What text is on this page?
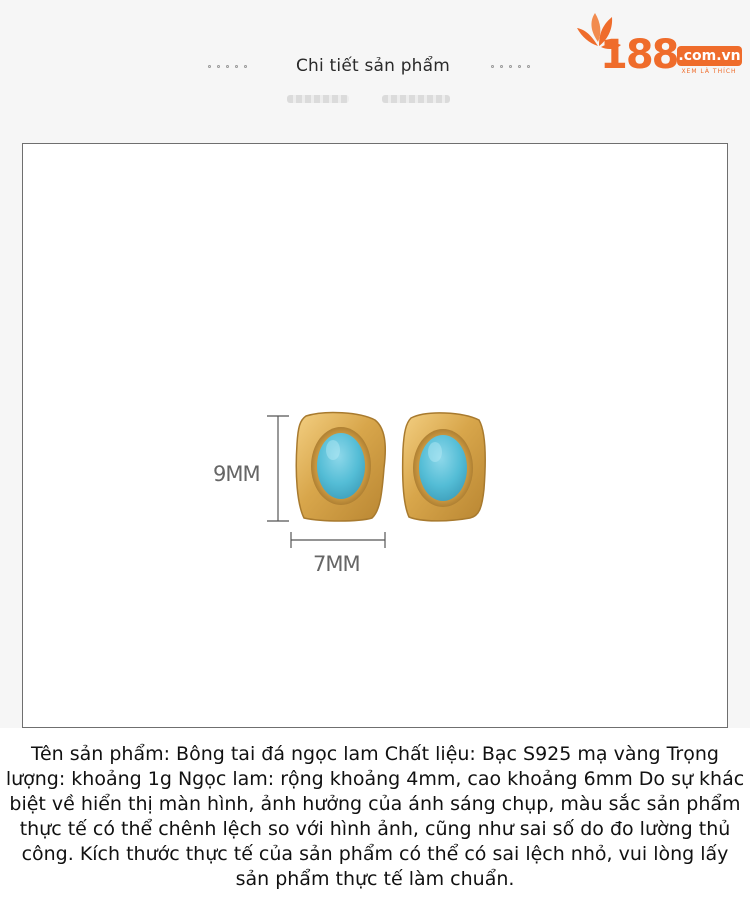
Chi tiết sản phẩm	188 .com.vn
XEM LÀ THÍCH
9MM
7MM
Tên sản phẩm: Bông tai đá ngọc lam Chất liệu: Bạc S925 mạ vàng Trọng lượng: khoảng 1g Ngọc lam: rộng khoảng 4mm, cao khoảng 6mm Do sự khác biệt về hiển thị màn hình, ảnh hưởng của ánh sáng chụp, màu sắc sản phẩm thực tế có thể chênh lệch so với hình ảnh, cũng như sai số do đo lường thủ công. Kích thước thực tế của sản phẩm có thể có sai lệch nhỏ, vui lòng lấy sản phẩm thực tế làm chuẩn.
